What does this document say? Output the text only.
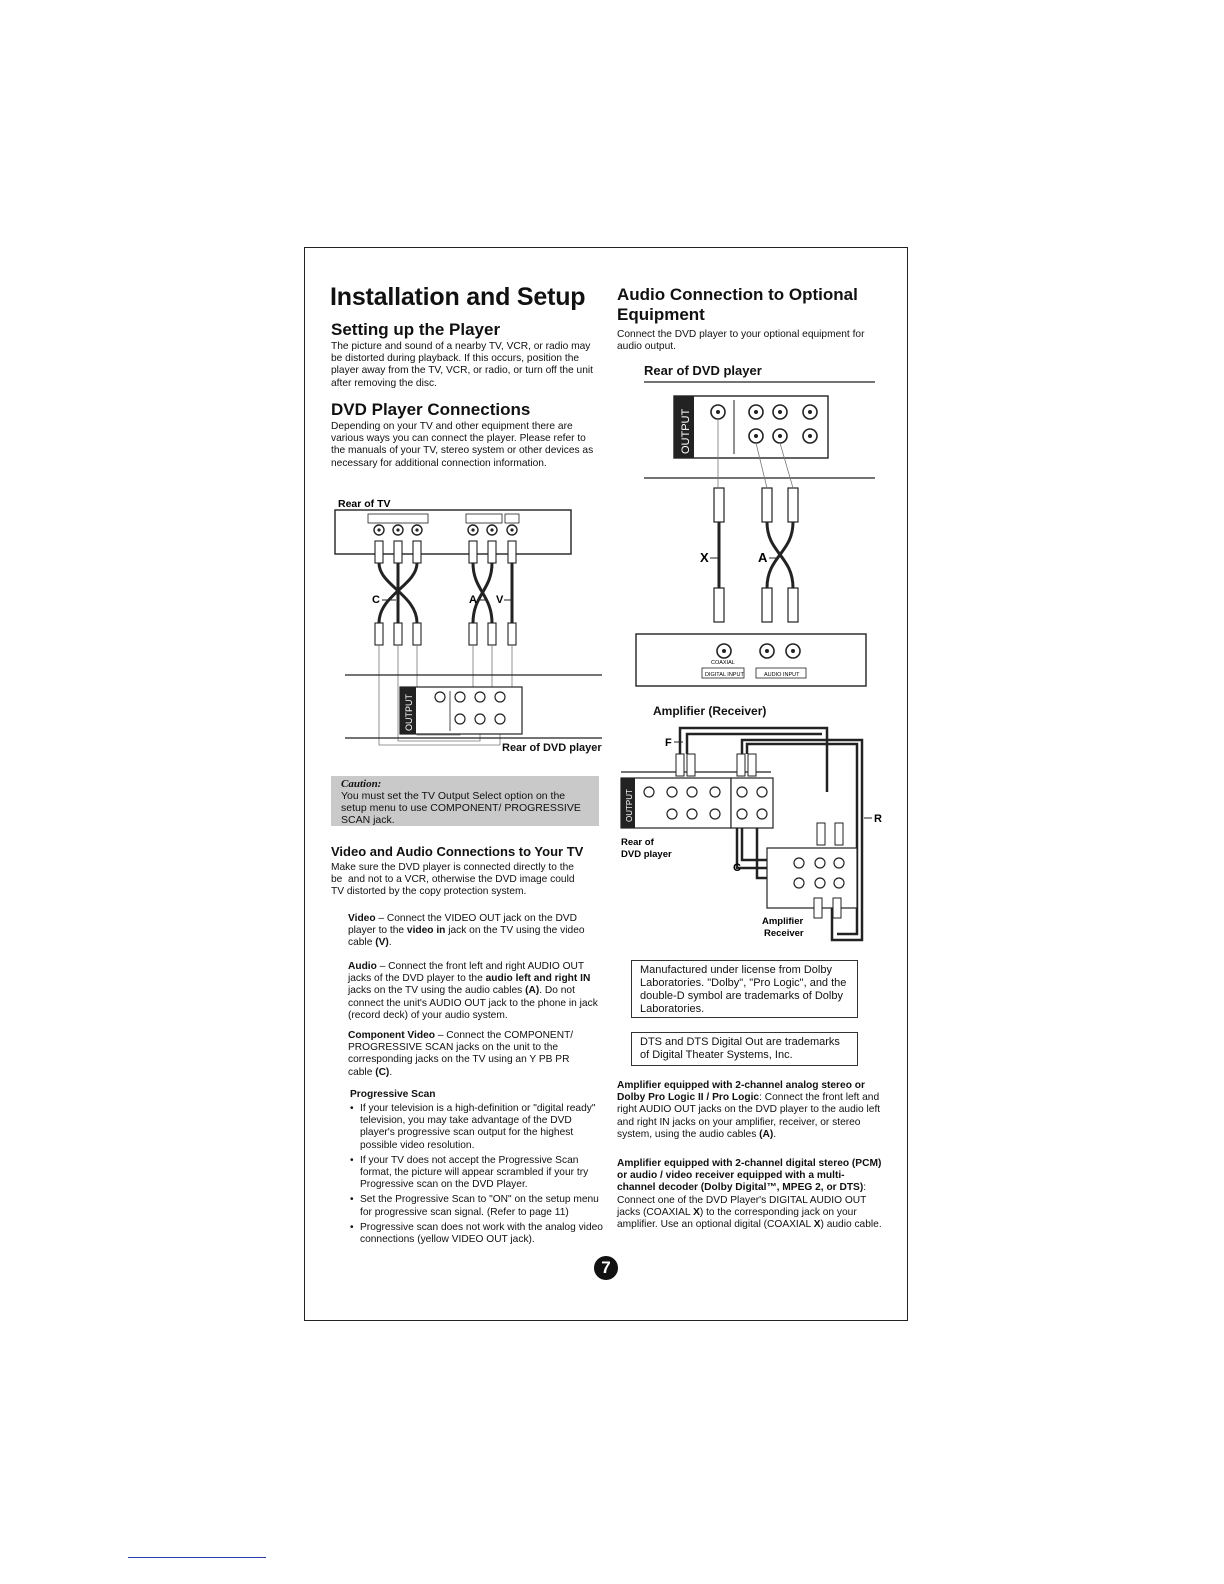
Installation and Setup
Setting up the Player
The picture and sound of a nearby TV, VCR, or radio may be distorted during playback. If this occurs, position the player away from the TV, VCR, or radio, or turn off the unit after removing the disc.
DVD Player Connections
Depending on your TV and other equipment there are various ways you can connect the player. Please refer to the manuals of your TV, stereo system or other devices as necessary for additional connection information.
Rear of TV
C	A V
OUTPUT
Rear of DVD player
Caution:
You must set the TV Output Select option on the setup menu to use COMPONENT/ PROGRESSIVE SCAN jack.
Video and Audio Connections to Your TV
Make sure the DVD player is connected directly to the
be and not to a VCR, otherwise the DVD image could
TV distorted by the copy protection system.
Video – Connect the VIDEO OUT jack on the DVD player to the video in jack on the TV using the video cable (V).
Audio – Connect the front left and right AUDIO OUT jacks of the DVD player to the audio left and right IN jacks on the TV using the audio cables (A). Do not connect the unit's AUDIO OUT jack to the phone in jack (record deck) of your audio system.
Component Video – Connect the COMPONENT/ PROGRESSIVE SCAN jacks on the unit to the corresponding jacks on the TV using an Y PB PR cable (C).
Progressive Scan
• If your television is a high-definition or "digital ready" television, you may take advantage of the DVD player's progressive scan output for the highest possible video resolution.
• If your TV does not accept the Progressive Scan format, the picture will appear scrambled if your try Progressive scan on the DVD Player.
• Set the Progressive Scan to "ON" on the setup menu for progressive scan signal. (Refer to page 11)
• Progressive scan does not work with the analog video connections (yellow VIDEO OUT jack).
Audio Connection to Optional Equipment
Connect the DVD player to your optional equipment for audio output.
Rear of DVD player
OUTPUT
X	A
COAXIAL
DIGITAL INPUT	AUDIO INPUT
Amplifier (Receiver)
F
OUTPUT
C
R
Rear of
DVD player
Amplifier
Receiver
Manufactured under license from Dolby Laboratories. "Dolby", "Pro Logic", and the double-D symbol are trademarks of Dolby Laboratories.
DTS and DTS Digital Out are trademarks of Digital Theater Systems, Inc.
Amplifier equipped with 2-channel analog stereo or Dolby Pro Logic II / Pro Logic: Connect the front left and right AUDIO OUT jacks on the DVD player to the audio left and right IN jacks on your amplifier, receiver, or stereo system, using the audio cables (A).
Amplifier equipped with 2-channel digital stereo (PCM) or audio / video receiver equipped with a multi-channel decoder (Dolby Digital™, MPEG 2, or DTS): Connect one of the DVD Player's DIGITAL AUDIO OUT jacks (COAXIAL X) to the corresponding jack on your amplifier. Use an optional digital (COAXIAL X) audio cable.
7
